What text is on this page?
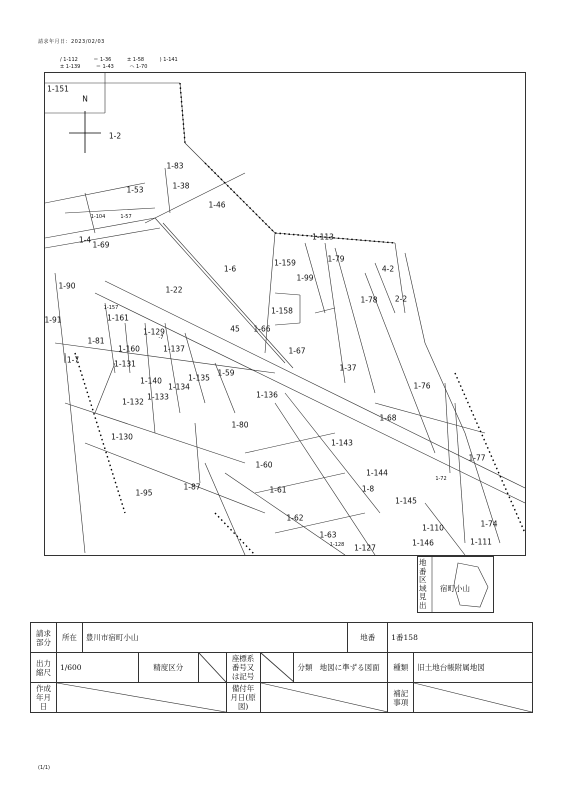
請求年月日：2023/02/03
/ 1-112	＝ 1-36	± 1-58	) 1-141
± 1-139	＝ 1-43	ヘ 1-70
N
1-151
1-2
1-53	1-38
1-83
1-46
1-104	1-57
1-4
1-69
1-113
1-159	1-79
4-2
1-6
1-99
1-90	1-22
1-78 2-2
1-91
1-157
1-161
1-158
45 1-66
1-129
1-81
1-137
1-160	1-67
1-7	1-131	1-37
1-140	1-135
1-59
1-134	1-76
1-136
1-133
1-132
1-68
1-80
1-130
1-143
1-77
1-60
1-144
1-95
1-87	1-61	1-8
1-145
1-72
1-62
1-74
1-110
1-63
1-146	1-111
1-127
1-128
-7
地番区域見出
宿町小山
請求部分	所在	豊川市宿町小山						地番	1番158	
出力縮尺	1/600		精度区分		座標系番号又は記号		分類 地図に準ずる図面		種類	旧土地台帳附属地図
作成年月日					備付年月日(原図)				補記事項	
(1/1)
